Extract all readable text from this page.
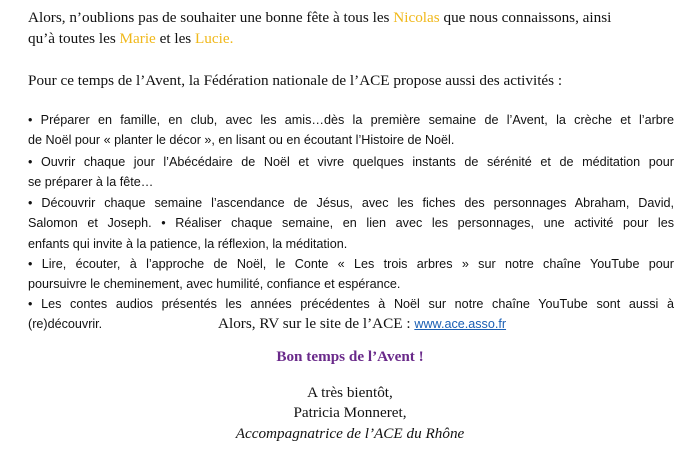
Alors, n’oublions pas de souhaiter une bonne fête à tous les Nicolas que nous connaissons, ainsi
qu’à toutes les Marie et les Lucie.
Pour ce temps de l’Avent, la Fédération nationale de l’ACE propose aussi des activités :
• Préparer en famille, en club, avec les amis…dès la première semaine de l’Avent, la crèche et l’arbre
de Noël pour « planter le décor », en lisant ou en écoutant l’Histoire de Noël.
• Ouvrir chaque jour l’Abécédaire de Noël et vivre quelques instants de sérénité et de méditation pour
se préparer à la fête…
• Découvrir chaque semaine l’ascendance de Jésus, avec les fiches des personnages Abraham, David,
Salomon et Joseph. • Réaliser chaque semaine, en lien avec les personnages, une activité pour les
enfants qui invite à la patience, la réflexion, la méditation.
• Lire, écouter, à l’approche de Noël, le Conte « Les trois arbres » sur notre chaîne YouTube pour
poursuivre le cheminement, avec humilité, confiance et espérance.
• Les contes audios présentés les années précédentes à Noël sur notre chaîne YouTube sont aussi à
(re)découvrir.	Alors, RV sur le site de l’ACE : www.ace.asso.fr
Bon temps de l’Avent !
A très bientôt,
Patricia Monneret,
Accompagnatrice de l’ACE du Rhône
